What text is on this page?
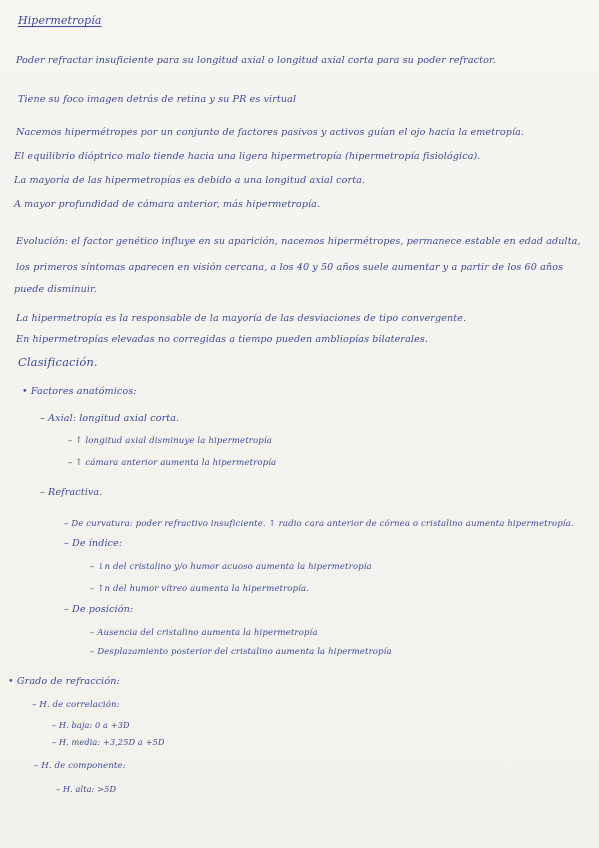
Hipermetropía
Poder refractar insuficiente para su longitud axial o longitud axial corta para su poder refractor.
Tiene su foco imagen detrás de retina y su PR es virtual
Nacemos hipermétropes por un conjunto de factores pasivos y activos guían el ojo hacia la emetropía.
El equilibrio dióptrico malo tiende hacia una ligera hipermetropía (hipermetropía fisiológica).
La mayoría de las hipermetropías es debido a una longitud axial corta.
A mayor profundidad de cámara anterior, más hipermetropía.
Evolución: el factor genético influye en su aparición, nacemos hipermétropes, permanece estable en edad adulta,
los primeros síntomas aparecen en visión cercana, a los 40 y 50 años suele aumentar y a partir de los 60 años
puede disminuir.
La hipermetropía es la responsable de la mayoría de las desviaciones de tipo convergente.
En hipermetropías elevadas no corregidas a tiempo pueden ambliopías bilaterales.
Clasificación.
• Factores anatómicos:
– Axial: longitud axial corta.
– ↑ longitud axial disminuye la hipermetropía
– ↑ cámara anterior aumenta la hipermetropía
– Refractiva.
– De curvatura: poder refractivo insuficiente. ↑ radio cara anterior de córnea o cristalino aumenta hipermetropía.
– De índice:
– ↓n del cristalino y/o humor acuoso aumenta la hipermetropía
– ↑n del humor vítreo aumenta la hipermetropía.
– De posición:
– Ausencia del cristalino aumenta la hipermetropía
– Desplazamiento posterior del cristalino aumenta la hipermetropía
• Grado de refracción:
– H. de correlación:
– H. baja: 0 a +3D
– H. media: +3,25D a +5D
– H. de componente:
– H. alta: >5D
